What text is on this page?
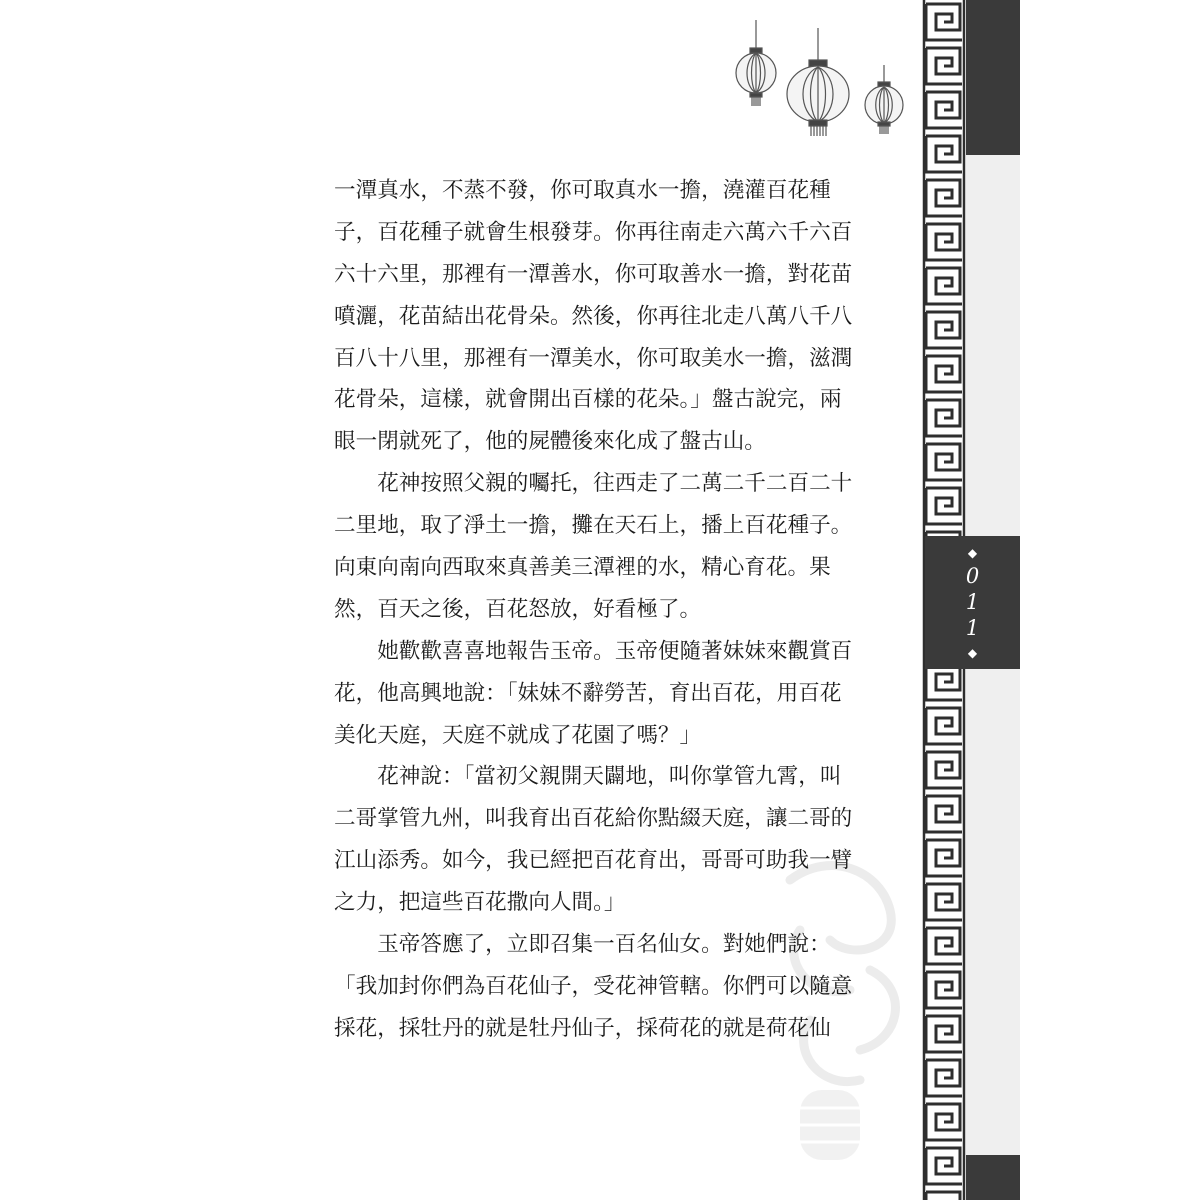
一潭真水，不蒸不發，你可取真水一擔，澆灌百花種
子，百花種子就會生根發芽。你再往南走六萬六千六百
六十六里，那裡有一潭善水，你可取善水一擔，對花苗
噴灑，花苗結出花骨朵。然後，你再往北走八萬八千八
百八十八里，那裡有一潭美水，你可取美水一擔，滋潤
花骨朵，這樣，就會開出百樣的花朵。」盤古說完，兩
眼一閉就死了，他的屍體後來化成了盤古山。
　　花神按照父親的囑托，往西走了二萬二千二百二十
二里地，取了淨土一擔，攤在天石上，播上百花種子。
向東向南向西取來真善美三潭裡的水，精心育花。果
然，百天之後，百花怒放，好看極了。
　　她歡歡喜喜地報告玉帝。玉帝便隨著妹妹來觀賞百
花，他高興地說：「妹妹不辭勞苦，育出百花，用百花
美化天庭，天庭不就成了花園了嗎？」
　　花神說：「當初父親開天闢地，叫你掌管九霄，叫
二哥掌管九州，叫我育出百花給你點綴天庭，讓二哥的
江山添秀。如今，我已經把百花育出，哥哥可助我一臂
之力，把這些百花撒向人間。」
　　玉帝答應了，立即召集一百名仙女。對她們說：
「我加封你們為百花仙子，受花神管轄。你們可以隨意
採花，採牡丹的就是牡丹仙子，採荷花的就是荷花仙
◆
011
◆
